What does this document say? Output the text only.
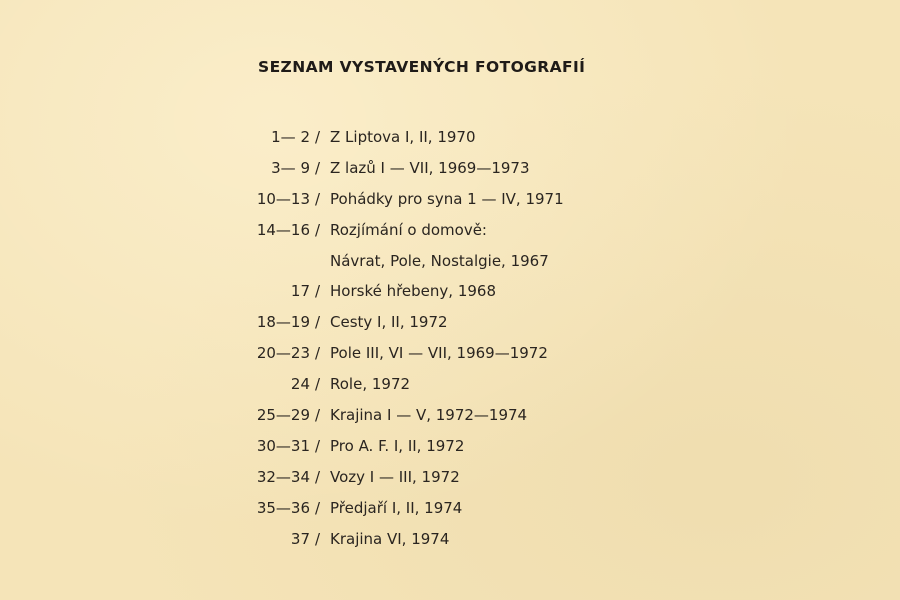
SEZNAM VYSTAVENÝCH FOTOGRAFIÍ
1— 2 / Z Liptova I, II, 1970
3— 9 / Z lazů I — VII, 1969—1973
10—13 / Pohádky pro syna 1 — IV, 1971
14—16 / Rozjímání o domově:
Návrat, Pole, Nostalgie, 1967
17 / Horské hřebeny, 1968
18—19 / Cesty I, II, 1972
20—23 / Pole III, VI — VII, 1969—1972
24 / Role, 1972
25—29 / Krajina I — V, 1972—1974
30—31 / Pro A. F. I, II, 1972
32—34 / Vozy I — III, 1972
35—36 / Předjaří I, II, 1974
37 / Krajina VI, 1974
